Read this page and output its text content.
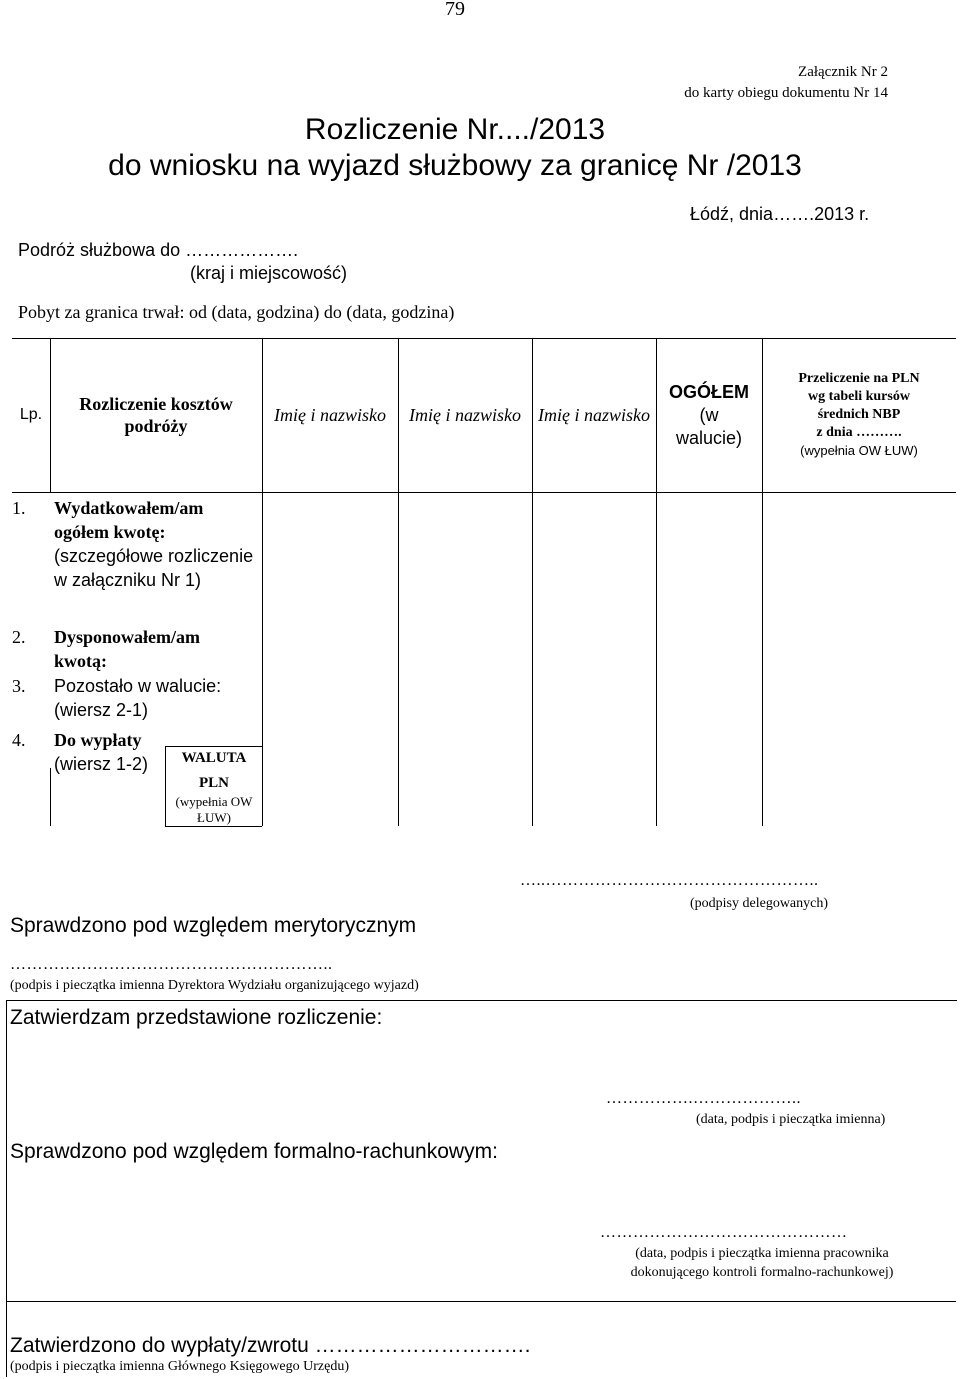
79
Załącznik Nr 2
do karty obiegu dokumentu Nr 14
Rozliczenie Nr..../2013
do wniosku na wyjazd służbowy za granicę Nr /2013
Łódź, dnia…….2013 r.
Podróż służbowa do ……………….
(kraj i miejscowość)
Pobyt za granica trwał: od (data, godzina) do (data, godzina)
Lp.
Rozliczenie kosztów podróży
Imię i nazwisko	Imię i nazwisko Imię i nazwisko
OGÓŁEM
(w walucie)
Przeliczenie na PLN
wg tabeli kursów
średnich NBP
z dnia ……….
(wypełnia OW ŁUW)
1. Wydatkowałem/am ogółem kwotę: (szczegółowe rozliczenie w załączniku Nr 1)
2. Dysponowałem/am kwotą:
3. Pozostało w walucie: (wiersz 2-1)
4. Do wypłaty
(wiersz 1-2)	WALUTA
PLN
(wypełnia OW ŁUW)
…..…………………………………………..
(podpisy delegowanych)
Sprawdzono pod względem merytorycznym
…………………………………………………..
(podpis i pieczątka imienna Dyrektora Wydziału organizującego wyjazd)
Zatwierdzam przedstawione rozliczenie:
…………….………………..
(data, podpis i pieczątka imienna)
Sprawdzono pod względem formalno-rachunkowym:
………………………………………
(data, podpis i pieczątka imienna pracownika
dokonującego kontroli formalno-rachunkowej)
Zatwierdzono do wypłaty/zwrotu ………………………….
(podpis i pieczątka imienna Głównego Księgowego Urzędu)
